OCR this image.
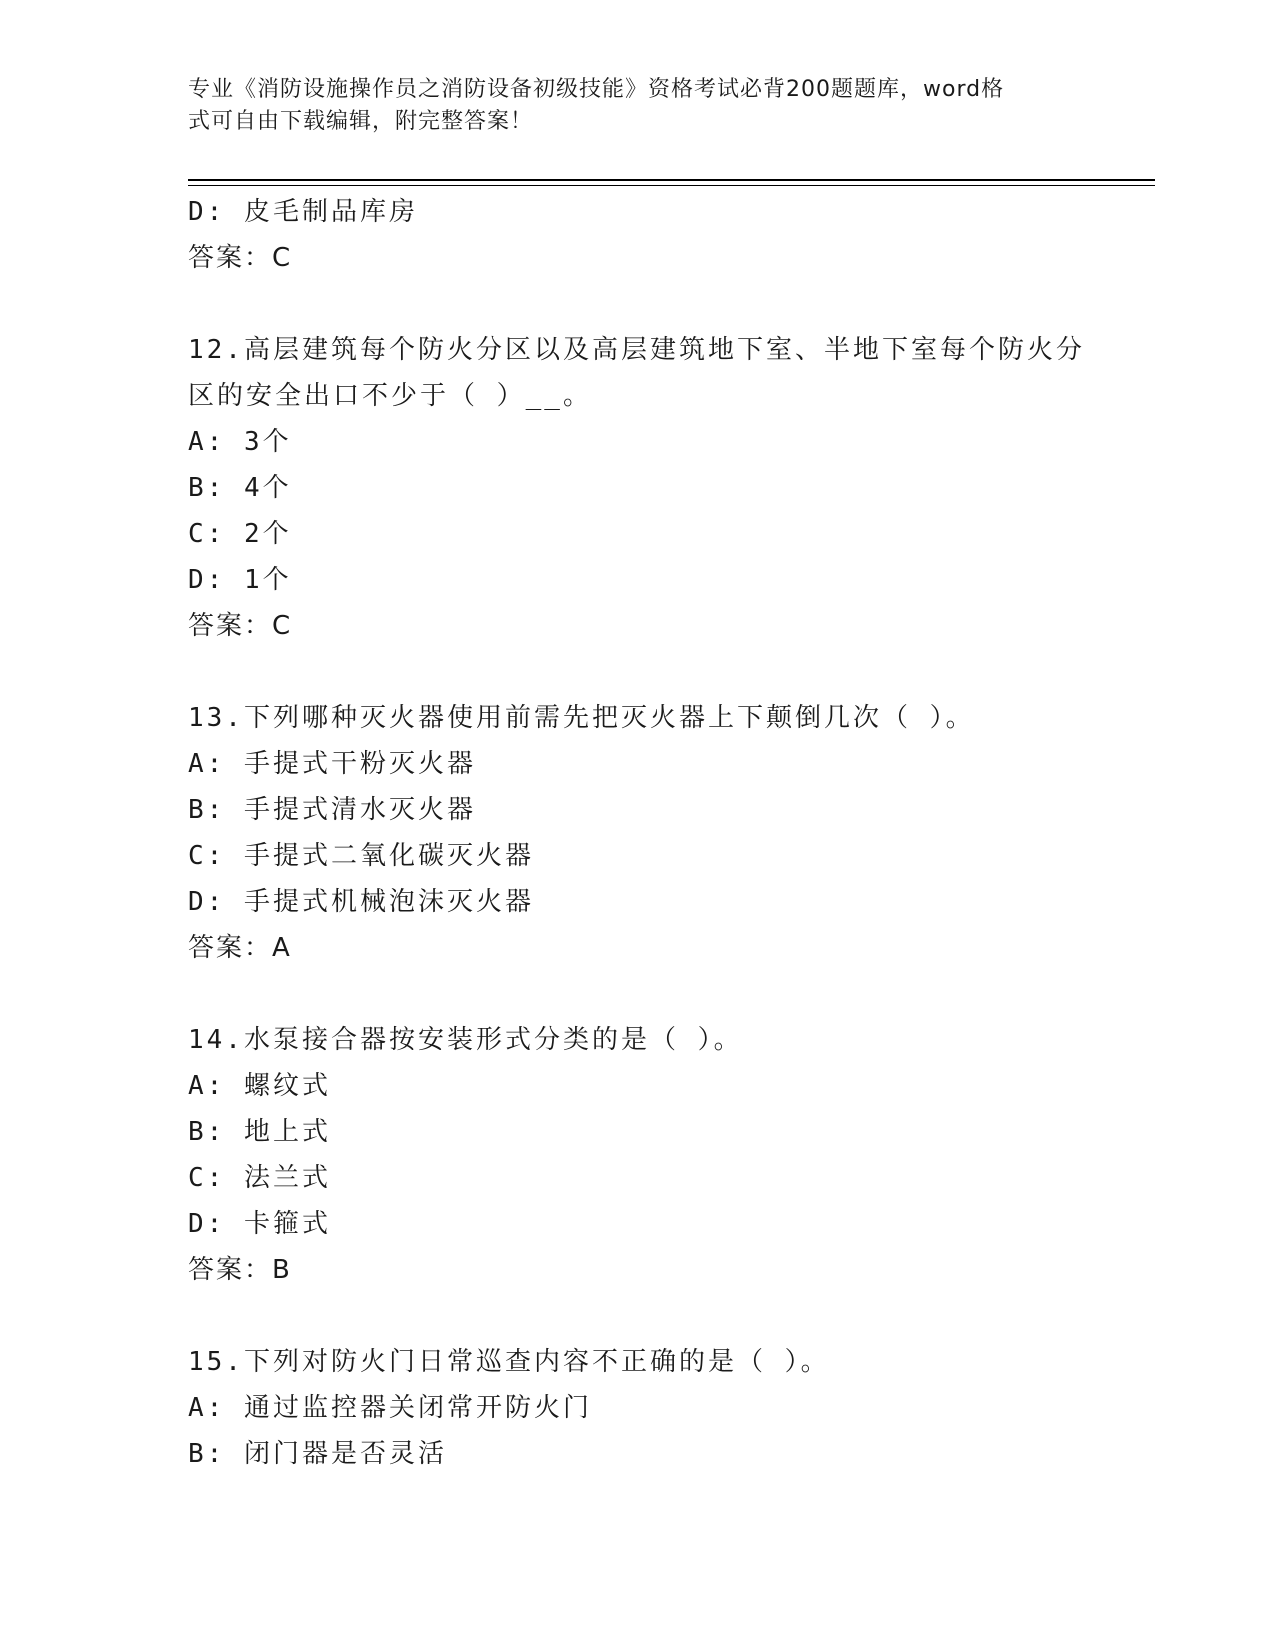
专业《消防设施操作员之消防设备初级技能》资格考试必背200题题库，word格
式可自由下载编辑，附完整答案！
D: 皮毛制品库房
答案：C
12.高层建筑每个防火分区以及高层建筑地下室、半地下室每个防火分
区的安全出口不少于（ ）__。
A: 3个
B: 4个
C: 2个
D: 1个
答案：C
13.下列哪种灭火器使用前需先把灭火器上下颠倒几次（ ）。
A: 手提式干粉灭火器
B: 手提式清水灭火器
C: 手提式二氧化碳灭火器
D: 手提式机械泡沫灭火器
答案：A
14.水泵接合器按安装形式分类的是（ ）。
A: 螺纹式
B: 地上式
C: 法兰式
D: 卡箍式
答案：B
15.下列对防火门日常巡查内容不正确的是（ ）。
A: 通过监控器关闭常开防火门
B: 闭门器是否灵活
